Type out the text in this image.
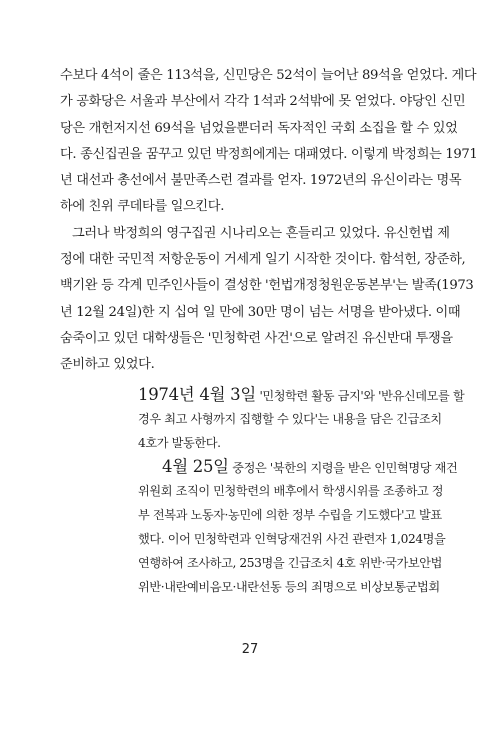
수보다 4석이 줄은 113석을, 신민당은 52석이 늘어난 89석을 얻었다. 게다
가 공화당은 서울과 부산에서 각각 1석과 2석밖에 못 얻었다. 야당인 신민
당은 개헌저지선 69석을 넘었을뿐더러 독자적인 국회 소집을 할 수 있었
다. 종신집권을 꿈꾸고 있던 박정희에게는 대패였다. 이렇게 박정희는 1971
년 대선과 총선에서 불만족스런 결과를 얻자. 1972년의 유신이라는 명목
하에 친위 쿠데타를 일으킨다.
그러나 박정희의 영구집권 시나리오는 흔들리고 있었다. 유신헌법 제
정에 대한 국민적 저항운동이 거세게 일기 시작한 것이다. 함석헌, 장준하,
백기완 등 각계 민주인사들이 결성한 '헌법개정청원운동본부'는 발족(1973
년 12월 24일)한 지 십여 일 만에 30만 명이 넘는 서명을 받아냈다. 이때
숨죽이고 있던 대학생들은 '민청학련 사건'으로 알려진 유신반대 투쟁을
준비하고 있었다.
1974년 4월 3일 '민청학련 활동 금지'와 '반유신데모를 할
경우 최고 사형까지 집행할 수 있다'는 내용을 담은 긴급조치
4호가 발동한다.
4월 25일 중정은 '북한의 지령을 받은 인민혁명당 재건
위원회 조직이 민청학련의 배후에서 학생시위를 조종하고 정
부 전복과 노동자·농민에 의한 정부 수립을 기도했다'고 발표
했다. 이어 민청학련과 인혁당재건위 사건 관련자 1,024명을
연행하여 조사하고, 253명을 긴급조치 4호 위반·국가보안법
위반·내란예비음모·내란선동 등의 죄명으로 비상보통군법회
27
